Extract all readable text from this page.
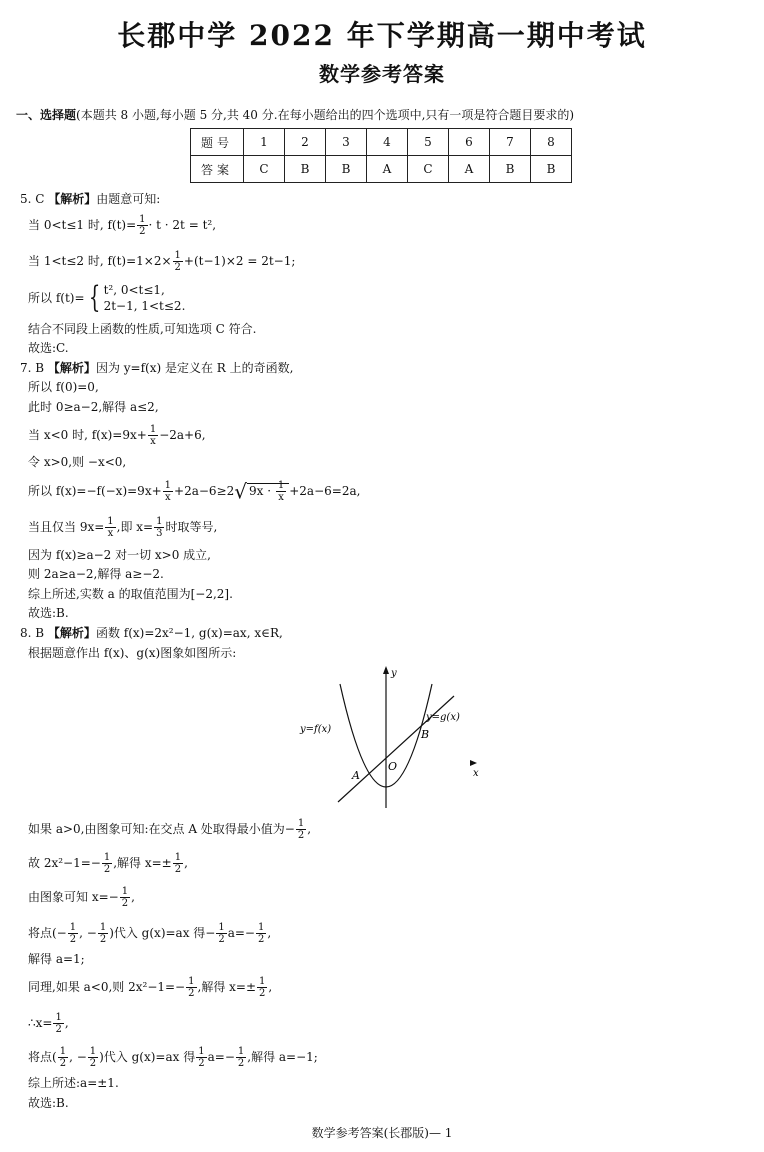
长郡中学 2022 年下学期高一期中考试
数学参考答案
一、选择题(本题共 8 小题,每小题 5 分,共 40 分.在每小题给出的四个选项中,只有一项是符合题目要求的)
题号	1	2	3	4	5	6	7	8
答案	C	B	B	A	C	A	B	B
5. C 【解析】由题意可知:
当 0<t≤1 时, $f(t)= \frac{1}{2} \cdot t \cdot 2t = t^2$,
当 1<t≤2 时, $f(t)=1\times 2\times \frac{1}{2} +(t-1)\times 2 = 2t-1$;
所以 f(t)= { t², 0<t≤1,
2t−1, 1<t≤2.
结合不同段上函数的性质,可知选项 C 符合.
故选:C.
7. B 【解析】因为 y=f(x) 是定义在 R 上的奇函数,
所以 f(0)=0,
此时 0≥a−2,解得 a≤2,
当 x<0 时, $f(x)=9x+ \frac{1}{x} -2a+6$,
令 x>0,则 −x<0,
所以 $f(x)=-f(-x)=9x+ \frac{1}{x} +2a-6\ge 2√$ $9x \cdot \frac{1}{x} +2a-6=2a$,
当且仅当 $9x= \frac{1}{x}$ ,即 $x= \frac{1}{3}$ 时取等号,
因为 f(x)≥a−2 对一切 x>0 成立,
则 2a≥a−2,解得 a≥−2.
综上所述,实数 a 的取值范围为[−2,2].
故选:B.
8. B 【解析】函数 f(x)=2x²−1, g(x)=ax, x∈R,
根据题意作出 f(x)、g(x)图象如图所示:
y
x
y=f(x)
y=g(x)
A
O
B
如果 a>0,由图象可知:在交点 A 处取得最小值为− $\frac{1}{2}$ ,
故 $2x^2-1=- \frac{1}{2}$ ,解得 $x=\pm \frac{1}{2}$ ,
由图象可知 $x=- \frac{1}{2}$ ,
将点(− $\frac{1}{2}$ , − $\frac{1}{2}$ )代入 g(x)=ax 得− $\frac{1}{2} a=- \frac{1}{2}$ ,
解得 a=1;
同理,如果 a<0,则 $2x^2-1=- \frac{1}{2}$ ,解得 $x=\pm \frac{1}{2}$ ,
∴x= $\frac{1}{2}$ ,
将点( $\frac{1}{2}$ , − $\frac{1}{2}$ )代入 g(x)=ax 得 $\frac{1}{2} a=- \frac{1}{2}$ ,解得 a=−1;
综上所述:a=±1.
故选:B.
数学参考答案(长郡版)— 1
